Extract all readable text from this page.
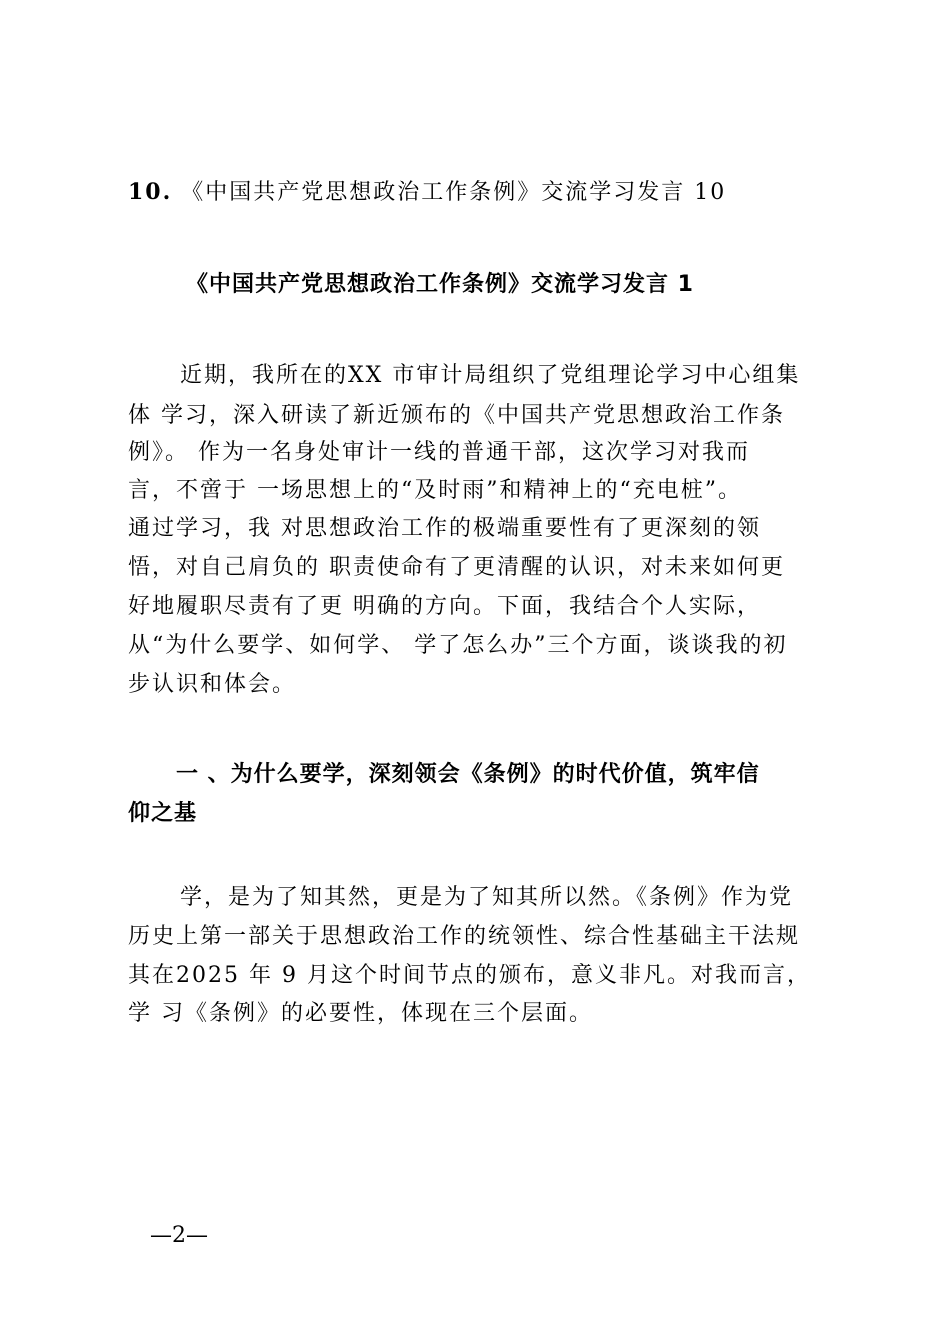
10. 《中国共产党思想政治工作条例》交流学习发言 10
《中国共产党思想政治工作条例》交流学习发言 1
近期，我所在的XX 市审计局组织了党组理论学习中心组集
体 学习，深入研读了新近颁布的《中国共产党思想政治工作条
例》。 作为一名身处审计一线的普通干部，这次学习对我而
言，不啻于 一场思想上的“及时雨”和精神上的“充电桩”。
通过学习，我 对思想政治工作的极端重要性有了更深刻的领
悟，对自己肩负的 职责使命有了更清醒的认识，对未来如何更
好地履职尽责有了更 明确的方向。下面，我结合个人实际，
从“为什么要学、如何学、 学了怎么办”三个方面，谈谈我的初
步认识和体会。
一 、为什么要学，深刻领会《条例》的时代价值，筑牢信
仰之基
学，是为了知其然，更是为了知其所以然。《条例》作为党
历史上第一部关于思想政治工作的统领性、综合性基础主干法规
其在2025 年 9 月这个时间节点的颁布，意义非凡。对我而言，
学 习《条例》的必要性，体现在三个层面。
—2—
